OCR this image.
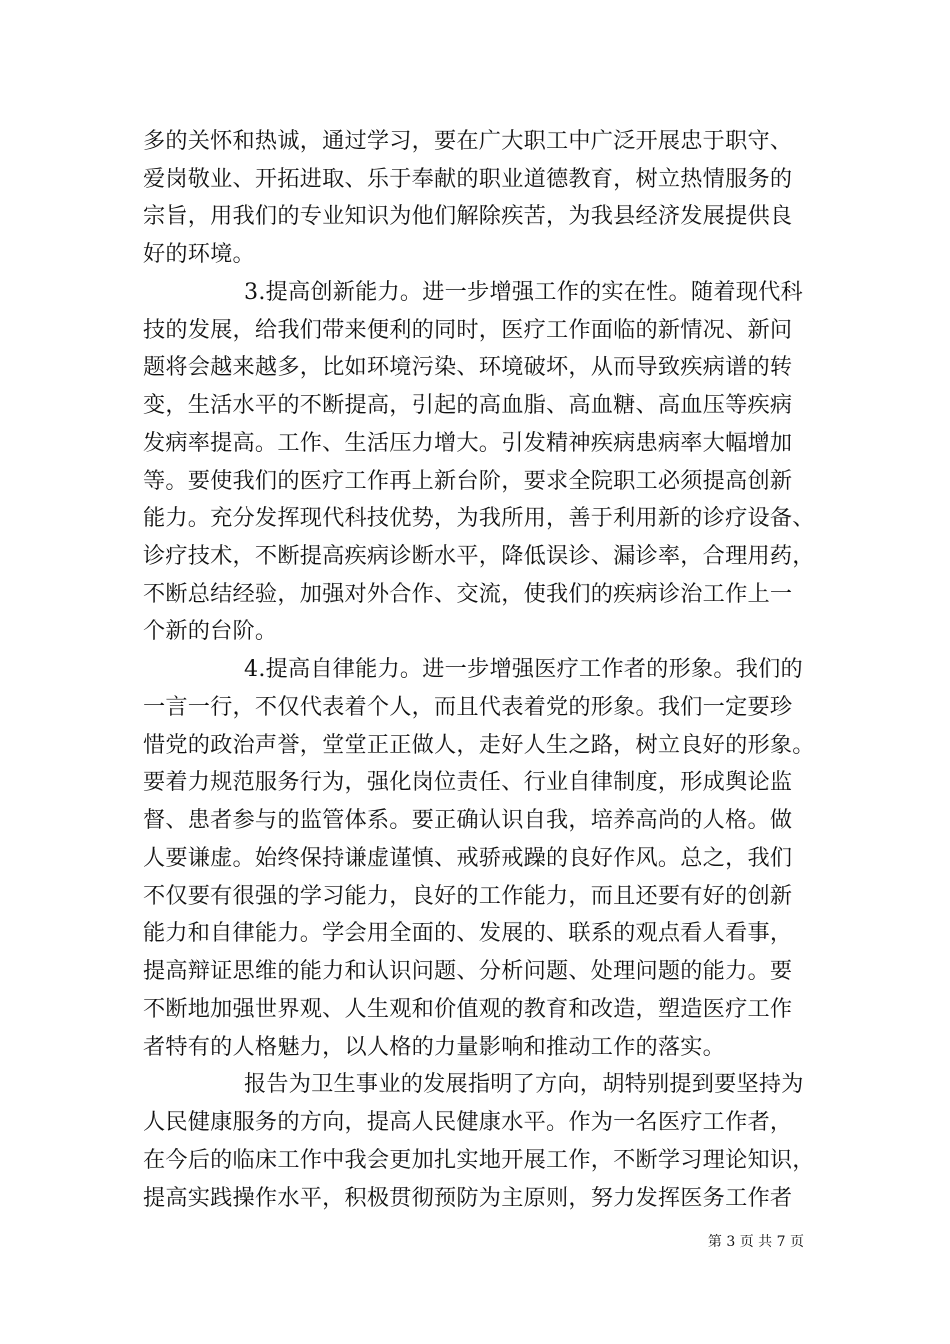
多的关怀和热诚，通过学习，要在广大职工中广泛开展忠于职守、
爱岗敬业、开拓进取、乐于奉献的职业道德教育，树立热情服务的
宗旨，用我们的专业知识为他们解除疾苦，为我县经济发展提供良
好的环境。
3.提高创新能力。进一步增强工作的实在性。随着现代科
技的发展，给我们带来便利的同时，医疗工作面临的新情况、新问
题将会越来越多，比如环境污染、环境破坏，从而导致疾病谱的转
变，生活水平的不断提高，引起的高血脂、高血糖、高血压等疾病
发病率提高。工作、生活压力增大。引发精神疾病患病率大幅增加
等。要使我们的医疗工作再上新台阶，要求全院职工必须提高创新
能力。充分发挥现代科技优势，为我所用，善于利用新的诊疗设备、
诊疗技术，不断提高疾病诊断水平，降低误诊、漏诊率，合理用药，
不断总结经验，加强对外合作、交流，使我们的疾病诊治工作上一
个新的台阶。
4.提高自律能力。进一步增强医疗工作者的形象。我们的
一言一行，不仅代表着个人，而且代表着党的形象。我们一定要珍
惜党的政治声誉，堂堂正正做人，走好人生之路，树立良好的形象。
要着力规范服务行为，强化岗位责任、行业自律制度，形成舆论监
督、患者参与的监管体系。要正确认识自我，培养高尚的人格。做
人要谦虚。始终保持谦虚谨慎、戒骄戒躁的良好作风。总之，我们
不仅要有很强的学习能力，良好的工作能力，而且还要有好的创新
能力和自律能力。学会用全面的、发展的、联系的观点看人看事，
提高辩证思维的能力和认识问题、分析问题、处理问题的能力。要
不断地加强世界观、人生观和价值观的教育和改造，塑造医疗工作
者特有的人格魅力，以人格的力量影响和推动工作的落实。
报告为卫生事业的发展指明了方向，胡特别提到要坚持为
人民健康服务的方向，提高人民健康水平。作为一名医疗工作者，
在今后的临床工作中我会更加扎实地开展工作，不断学习理论知识，
提高实践操作水平，积极贯彻预防为主原则，努力发挥医务工作者
第 3 页 共 7 页
